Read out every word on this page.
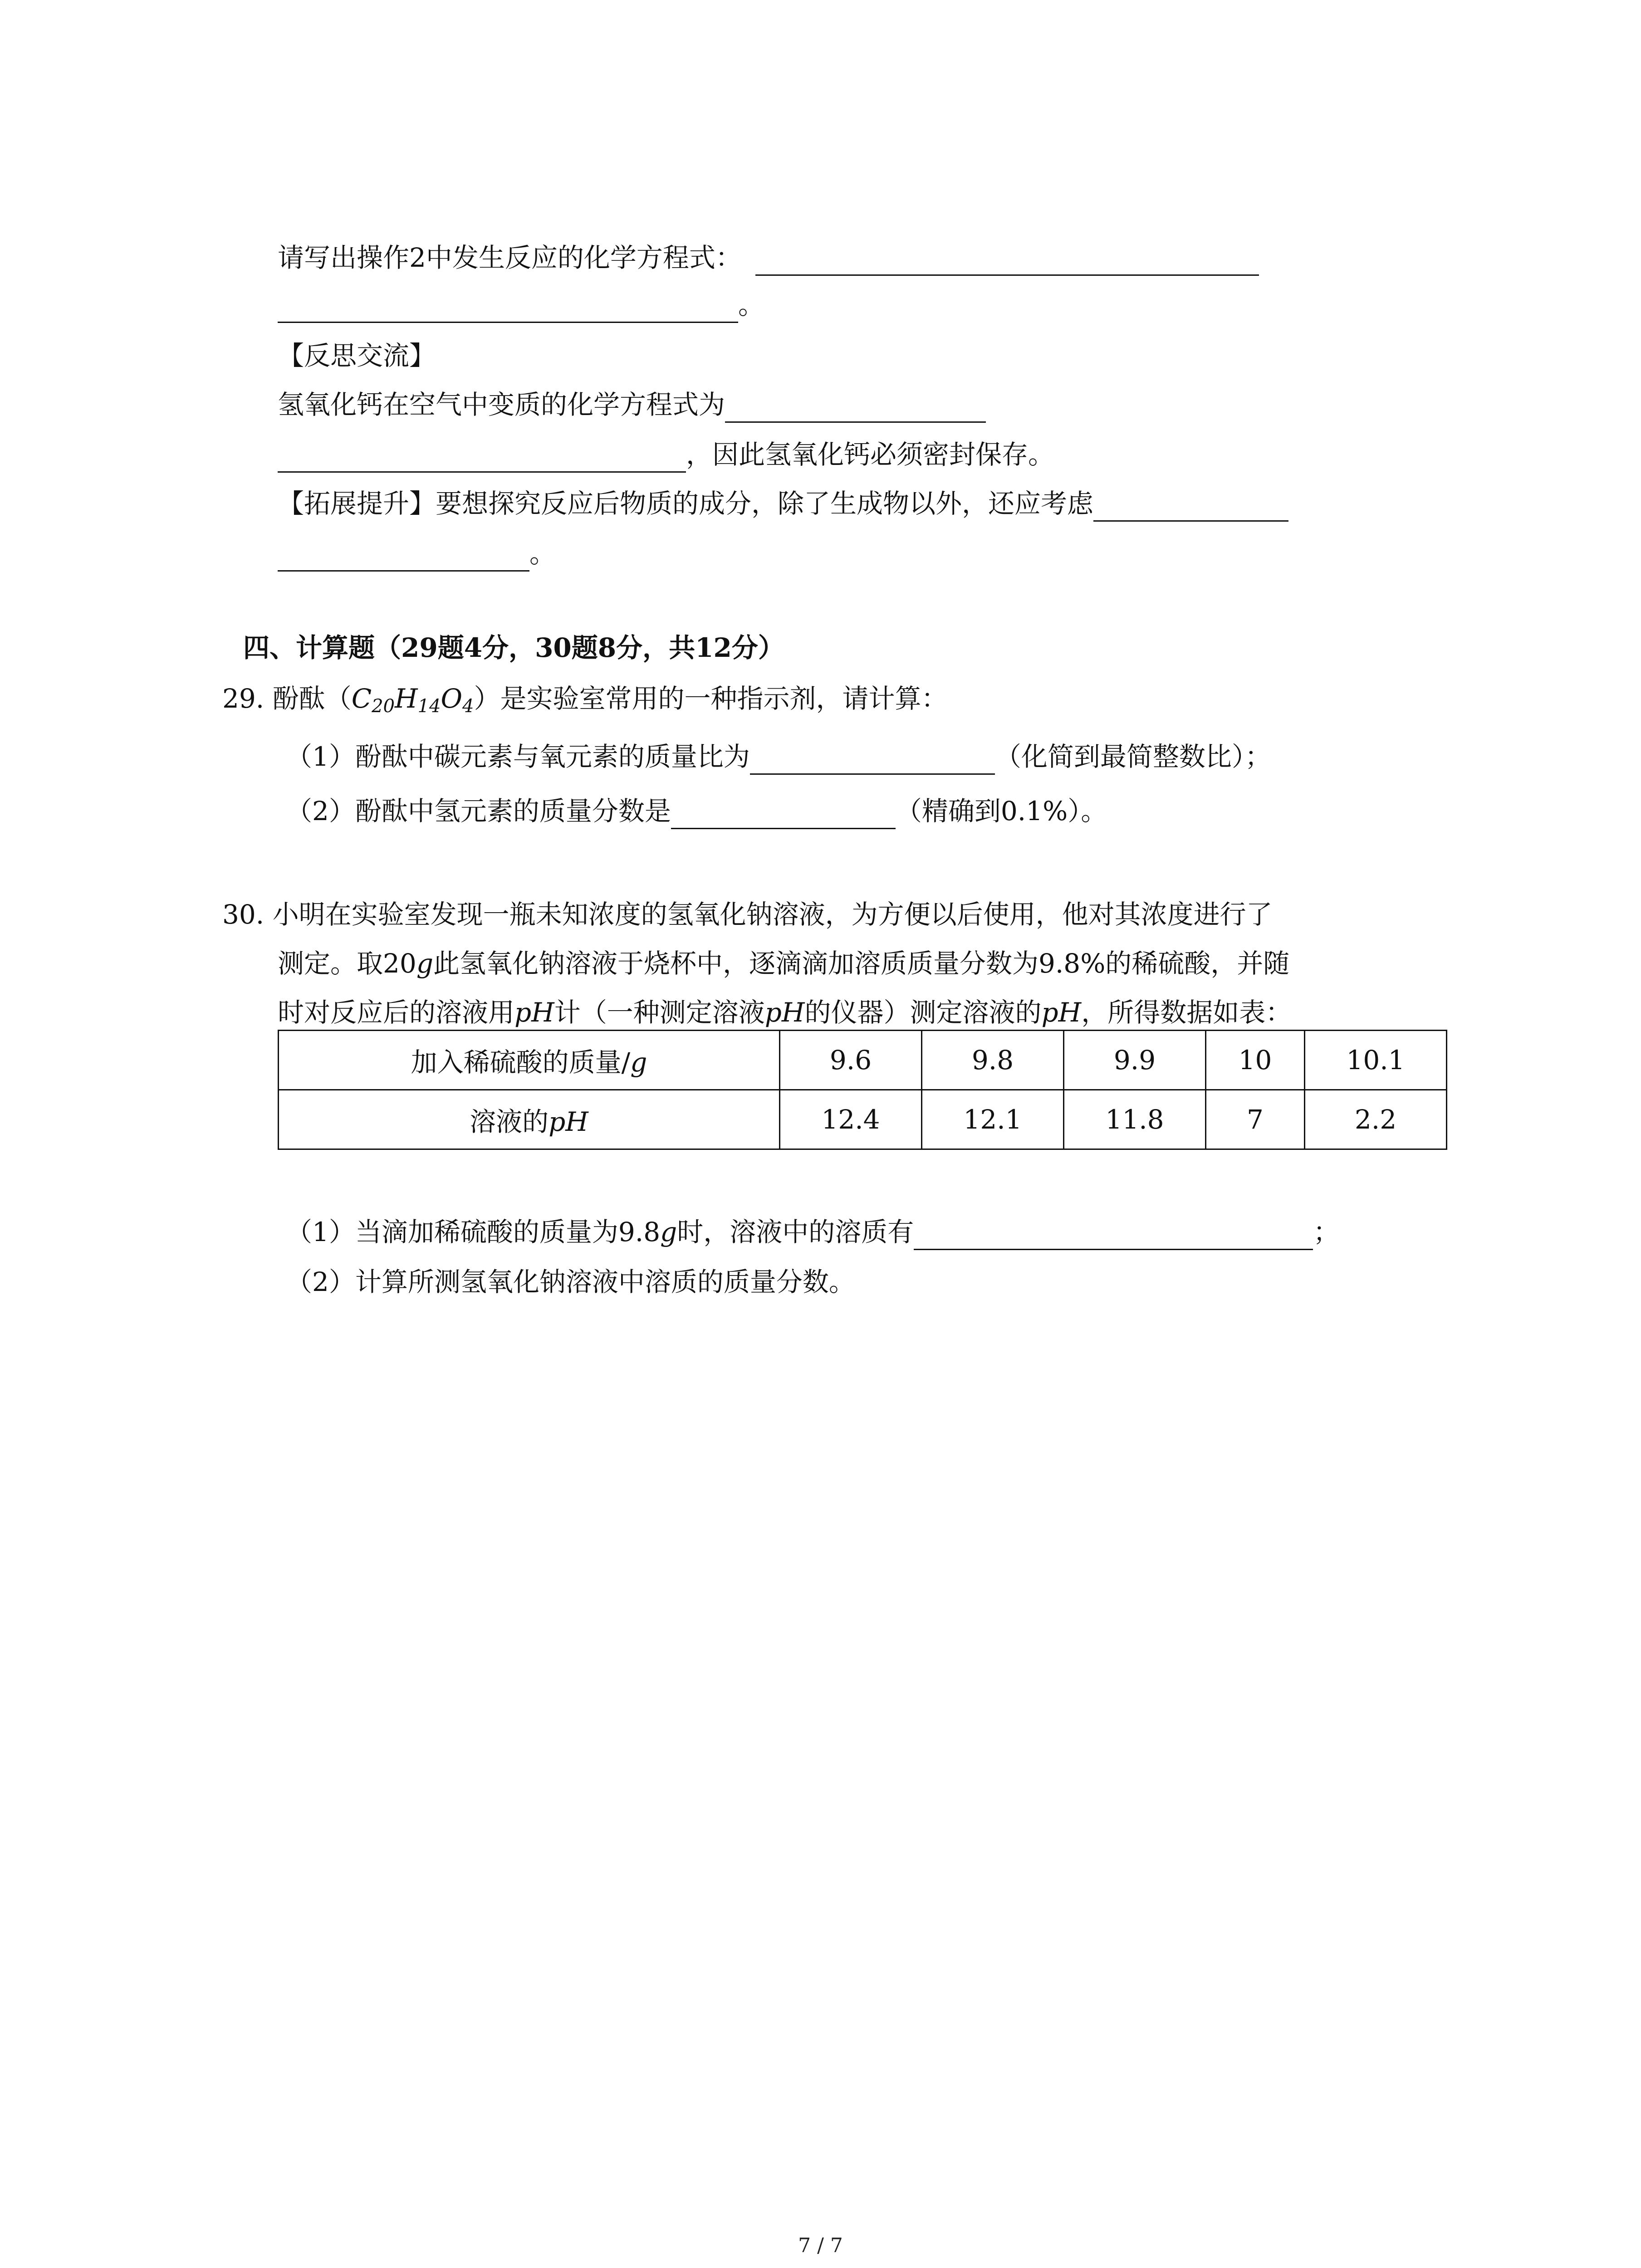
请写出操作2中发生反应的化学方程式：
。
【反思交流】
氢氧化钙在空气中变质的化学方程式为
，因此氢氧化钙必须密封保存。
【拓展提升】要想探究反应后物质的成分，除了生成物以外，还应考虑
。
四、计算题（29题4分，30题8分，共12分）
29. 酚酞$(C_{20}H_{14}O_4)$是实验室常用的一种指示剂，请计算：
（1）酚酞中碳元素与氧元素的质量比为	（化简到最简整数比）；
（2）酚酞中氢元素的质量分数是	（精确到0.1%）。
30. 小明在实验室发现一瓶未知浓度的氢氧化钠溶液，为方便以后使用，他对其浓度进行了
测定。取20g此氢氧化钠溶液于烧杯中，逐滴滴加溶质质量分数为9.8%的稀硫酸，并随
时对反应后的溶液用pH计（一种测定溶液pH的仪器）测定溶液的pH，所得数据如表：
加入稀硫酸的质量/g	9.6	9.8	9.9	10	10.1
溶液的pH	12.4	12.1	11.8	7	2.2
（1）当滴加稀硫酸的质量为9.8g时，溶液中的溶质有	；
（2）计算所测氢氧化钠溶液中溶质的质量分数。
7 / 7
